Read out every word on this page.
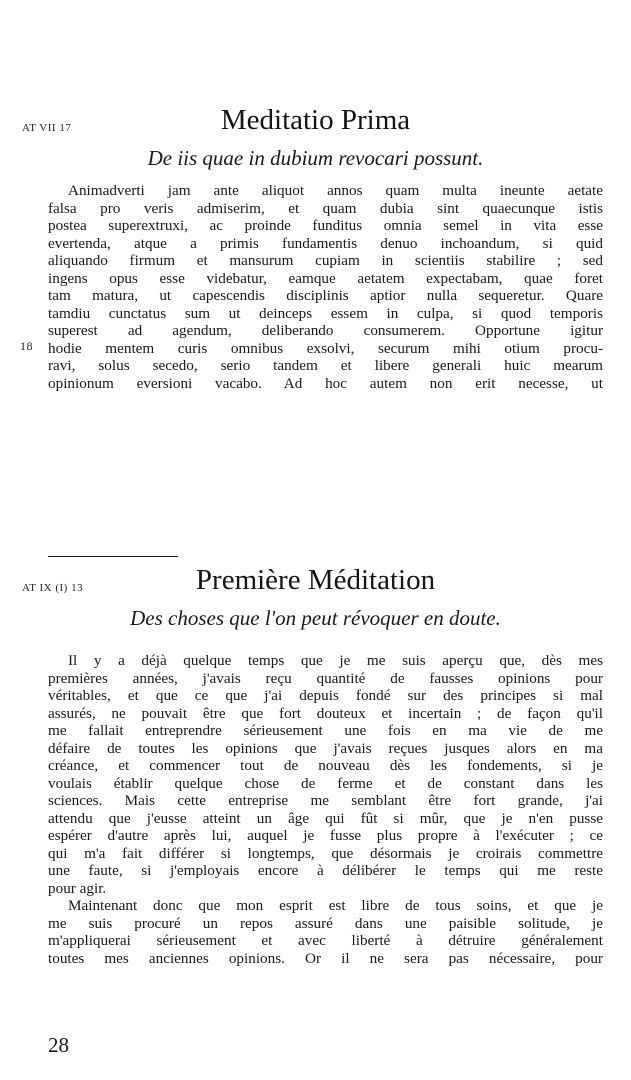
AT VII 17	Meditatio Prima
De iis quae in dubium revocari possunt.
18
Animadverti jam ante aliquot annos quam multa ineunte aetate
falsa pro veris admiserim, et quam dubia sint quaecunque istis
postea superextruxi, ac proinde funditus omnia semel in vita esse
evertenda, atque a primis fundamentis denuo inchoandum, si quid
aliquando firmum et mansurum cupiam in scientiis stabilire ; sed
ingens opus esse videbatur, eamque aetatem expectabam, quae foret
tam matura, ut capescendis disciplinis aptior nulla sequeretur. Quare
tamdiu cunctatus sum ut deinceps essem in culpa, si quod temporis
superest ad agendum, deliberando consumerem. Opportune igitur
hodie mentem curis omnibus exsolvi, securum mihi otium procu-
ravi, solus secedo, serio tandem et libere generali huic mearum
opinionum eversioni vacabo. Ad hoc autem non erit necesse, ut
AT IX (I) 13	Première Méditation
Des choses que l'on peut révoquer en doute.
Il y a déjà quelque temps que je me suis aperçu que, dès mes
premières années, j'avais reçu quantité de fausses opinions pour
véritables, et que ce que j'ai depuis fondé sur des principes si mal
assurés, ne pouvait être que fort douteux et incertain ; de façon qu'il
me fallait entreprendre sérieusement une fois en ma vie de me
défaire de toutes les opinions que j'avais reçues jusques alors en ma
créance, et commencer tout de nouveau dès les fondements, si je
voulais établir quelque chose de ferme et de constant dans les
sciences. Mais cette entreprise me semblant être fort grande, j'ai
attendu que j'eusse atteint un âge qui fût si mûr, que je n'en pusse
espérer d'autre après lui, auquel je fusse plus propre à l'exécuter ; ce
qui m'a fait différer si longtemps, que désormais je croirais commettre
une faute, si j'employais encore à délibérer le temps qui me reste
pour agir.
Maintenant donc que mon esprit est libre de tous soins, et que je
me suis procuré un repos assuré dans une paisible solitude, je
m'appliquerai sérieusement et avec liberté à détruire généralement
toutes mes anciennes opinions. Or il ne sera pas nécessaire, pour
28
